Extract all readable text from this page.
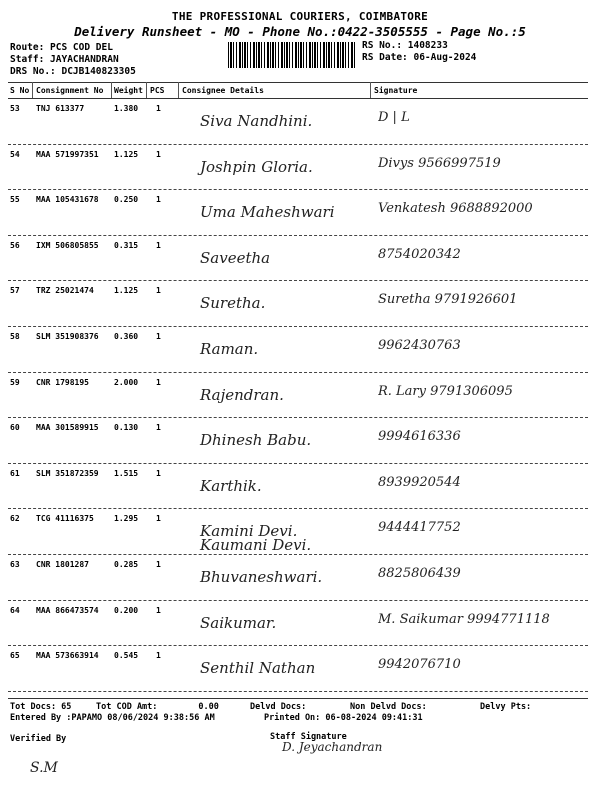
THE PROFESSIONAL COURIERS, COIMBATORE
Delivery Runsheet - MO - Phone No.:0422-3505555 - Page No.:5
Route: PCS COD DEL
Staff: JAYACHANDRAN
DRS No.: DCJB140823305
RS No.: 1408233
RS Date: 06-Aug-2024
S No Consignment No Weight PCS Consignee Details	Signature
53 TNJ 613377	1.380 1
Siva Nandhini.	D | L
54 MAA 571997351 1.125 1
Joshpin Gloria.	Divys 9566997519
55 MAA 105431678 0.250 1
Uma Maheshwari	Venkatesh 9688892000
56 IXM 506805855 0.315 1
Saveetha	8754020342
57 TRZ 25021474	1.125 1
Suretha.	Suretha 9791926601
58 SLM 351908376 0.360 1
Raman.	9962430763
59 CNR 1798195	2.000 1
Rajendran.	R. Lary 9791306095
60 MAA 301589915 0.130 1
Dhinesh Babu.	9994616336
61 SLM 351872359 1.515 1
Karthik.	8939920544
62 TCG 41116375	1.295 1
Kamini Devi. Kaumani Devi.
9444417752
63 CNR 1801287	0.285 1
Bhuvaneshwari.	8825806439
64 MAA 866473574 0.200 1
Saikumar.	M. Saikumar 9994771118
65 MAA 573663914 0.545 1
Senthil Nathan	9942076710
Tot Docs: 65	Tot COD Amt:        0.00	Delvd Docs:	Non Delvd Docs:	Delvy Pts:
Entered By :PAPAMO 08/06/2024 9:38:56 AM	Printed On: 06-08-2024 09:41:31
Verified By	Staff Signature
D. Jeyachandran
S.M
